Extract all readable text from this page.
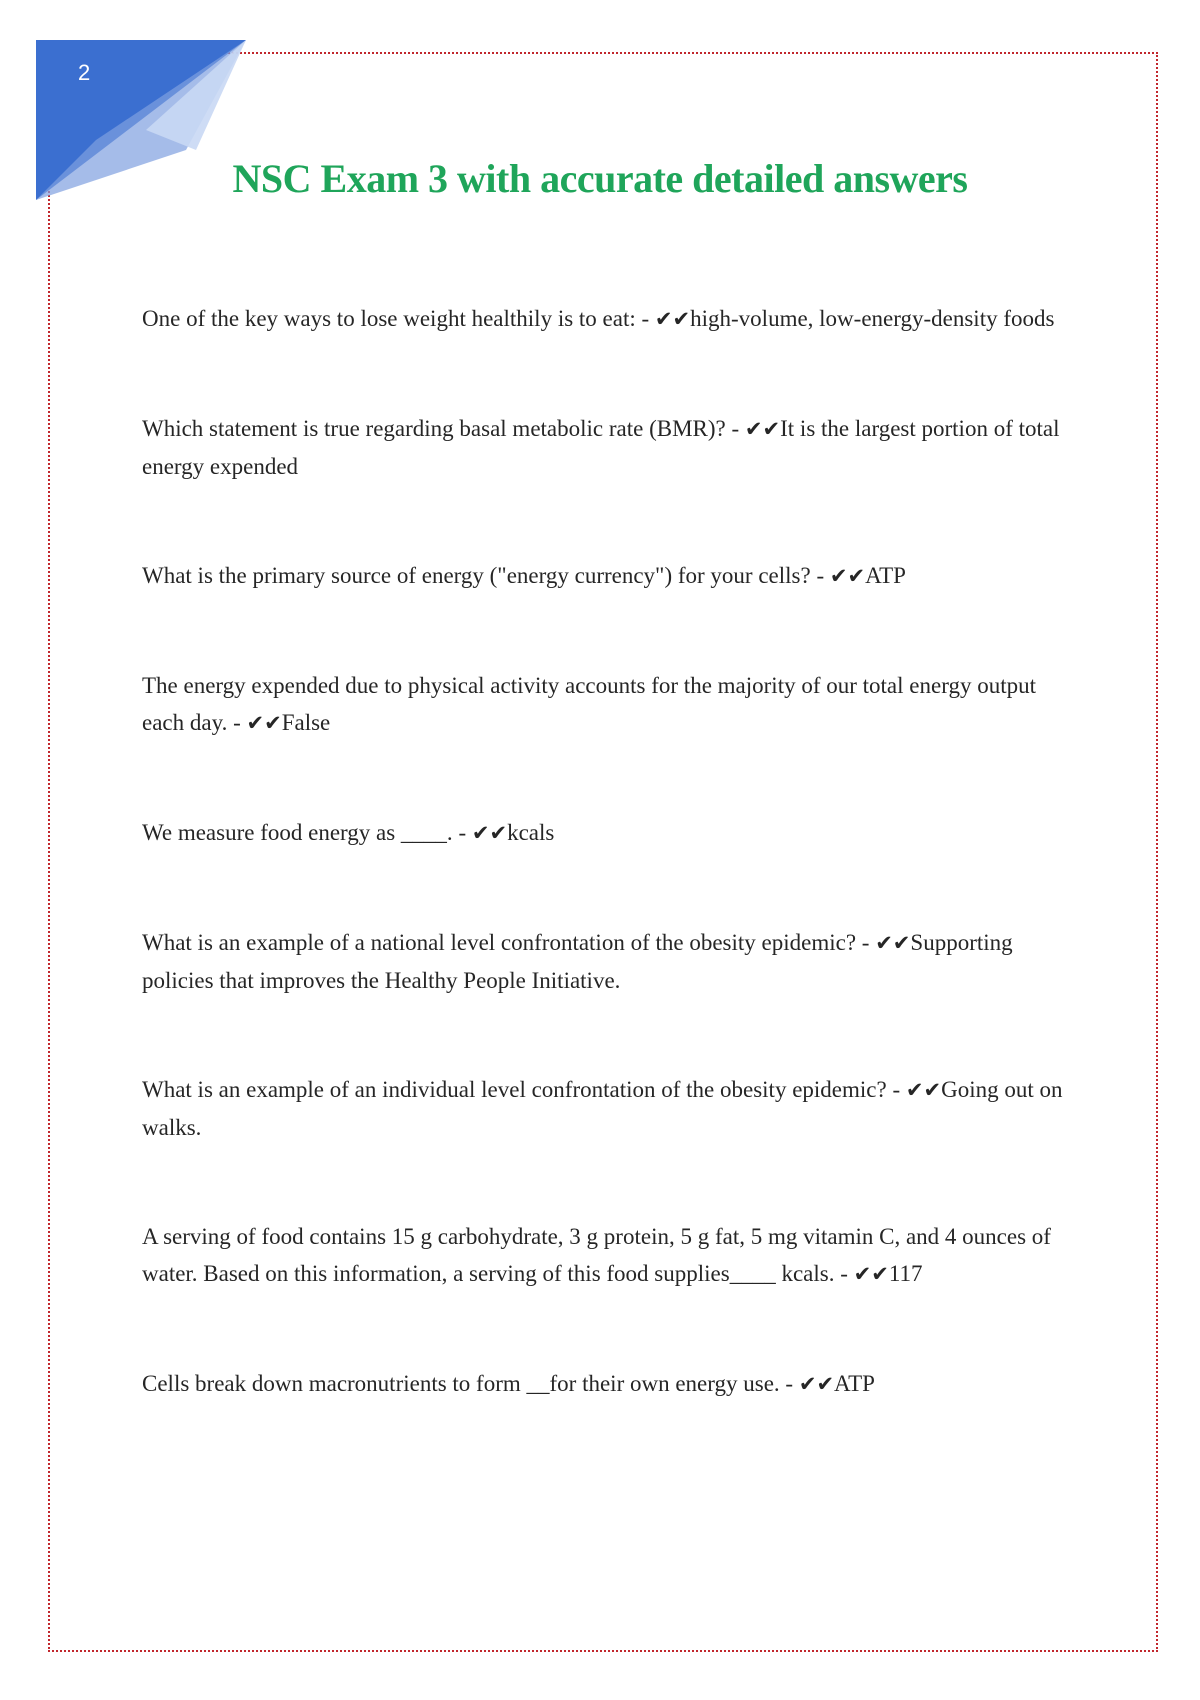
2
NSC Exam 3 with accurate detailed answers
One of the key ways to lose weight healthily is to eat: - ✔✔high-volume, low-energy-density foods
Which statement is true regarding basal metabolic rate (BMR)? - ✔✔It is the largest portion of total energy expended
What is the primary source of energy ("energy currency") for your cells? - ✔✔ATP
The energy expended due to physical activity accounts for the majority of our total energy output each day. - ✔✔False
We measure food energy as ____. - ✔✔kcals
What is an example of a national level confrontation of the obesity epidemic? - ✔✔Supporting policies that improves the Healthy People Initiative.
What is an example of an individual level confrontation of the obesity epidemic? - ✔✔Going out on walks.
A serving of food contains 15 g carbohydrate, 3 g protein, 5 g fat, 5 mg vitamin C, and 4 ounces of water. Based on this information, a serving of this food supplies____ kcals. - ✔✔117
Cells break down macronutrients to form __for their own energy use. - ✔✔ATP
